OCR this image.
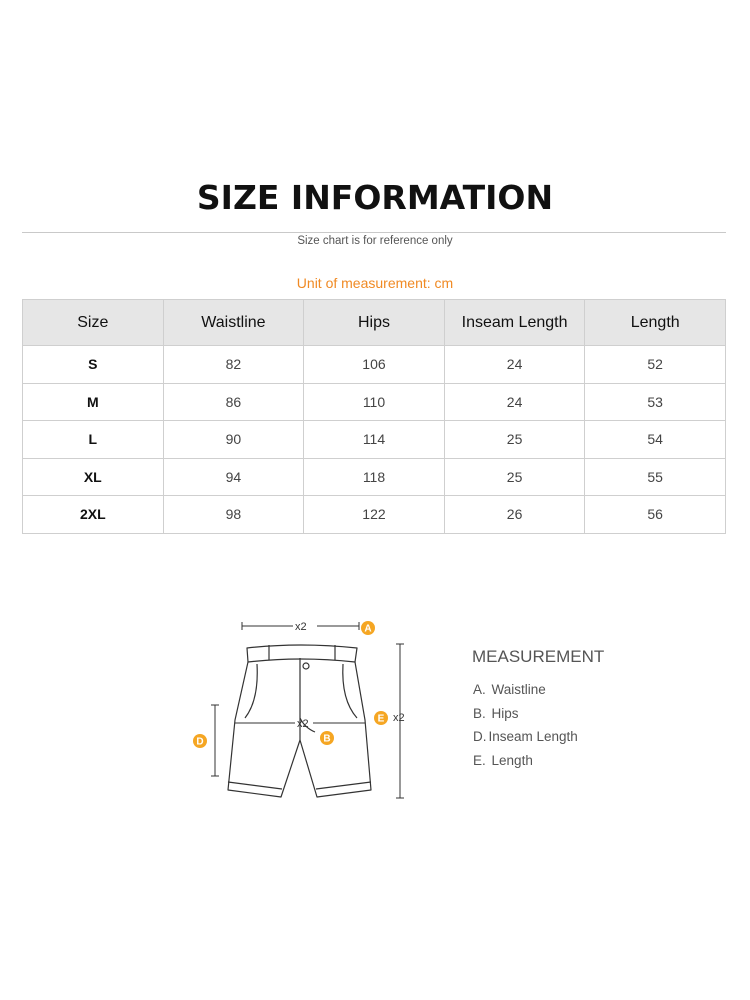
SIZE INFORMATION
Size chart is for reference only
Unit of measurement: cm
Size	Waistline	Hips	Inseam Length	Length
S	82	106	24	52
M	86	110	24	53
L	90	114	25	54
XL	94	118	25	55
2XL	98	122	26	56
x2	A
x2
B
D
E x2
MEASUREMENT
A. Waistline
B. Hips
D. Inseam Length
E. Length
